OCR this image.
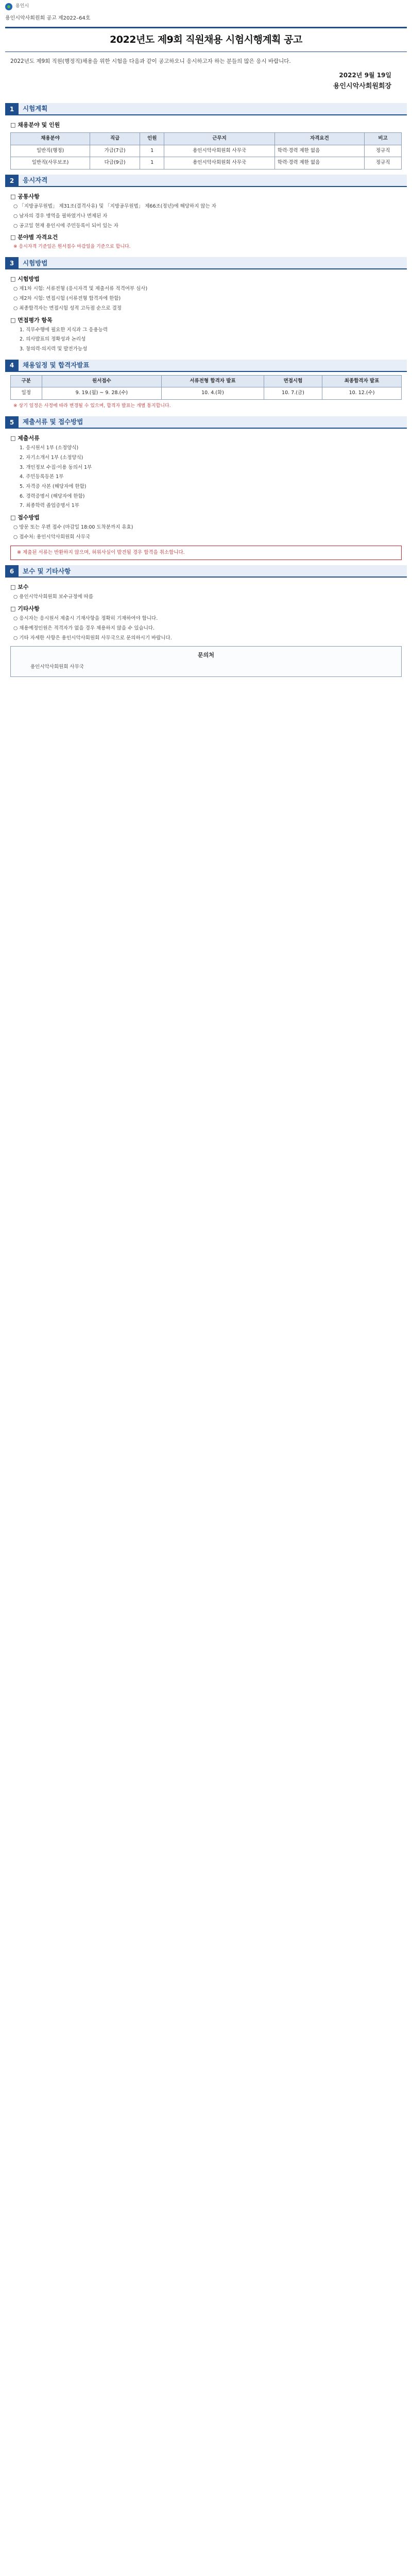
용인시
용인시악사회원회 공고 제2022–64호
2022년도 제9회 직원채용 시험시행계획 공고
2022년도 제9회 직원(행정직)채용을 위한 시험을 다음과 같이 공고하오니 응시하고자 하는 분들의 많은 응시 바랍니다.
2022년 9월 19일
용인시악사회원회장
1	시험계획
□ 채용분야 및 인원
채용분야	직급	인원	근무지	자격요건	비고
일반직(행정)	가급(7급)	1	용인시악사회원회 사무국	학력·경력 제한 없음	정규직
일반직(사무보조)	다급(9급)	1	용인시악사회원회 사무국	학력·경력 제한 없음	정규직
2	응시자격
□ 공통사항
○ 「지방공무원법」 제31조(결격사유) 및 「지방공무원법」 제66조(정년)에 해당하지 않는 자
○ 남자의 경우 병역을 필하였거나 면제된 자
○ 공고일 현재 용인시에 주민등록이 되어 있는 자
□ 분야별 자격요건
※ 응시자격 기준일은 원서접수 마감일을 기준으로 합니다.
3	시험방법
□ 시험방법
○ 제1차 시험: 서류전형 (응시자격 및 제출서류 적격여부 심사)
○ 제2차 시험: 면접시험 (서류전형 합격자에 한함)
○ 최종합격자는 면접시험 성적 고득점 순으로 결정
□ 면접평가 항목
1. 직무수행에 필요한 지식과 그 응용능력
2. 의사발표의 정확성과 논리성
3. 창의력·의지력 및 발전가능성
4	채용일정 및 합격자발표
구분	원서접수	서류전형 합격자 발표	면접시험	최종합격자 발표
일정	9. 19.(월) ~ 9. 28.(수)	10. 4.(화)	10. 7.(금)	10. 12.(수)
※ 상기 일정은 사정에 따라 변경될 수 있으며, 합격자 발표는 개별 통지합니다.
5	제출서류 및 접수방법
□ 제출서류
1. 응시원서 1부 (소정양식)
2. 자기소개서 1부 (소정양식)
3. 개인정보 수집·이용 동의서 1부
4. 주민등록등본 1부
5. 자격증 사본 (해당자에 한함)
6. 경력증명서 (해당자에 한함)
7. 최종학력 졸업증명서 1부
□ 접수방법
○ 방문 또는 우편 접수 (마감일 18:00 도착분까지 유효)
○ 접수처: 용인시악사회원회 사무국
※ 제출된 서류는 반환하지 않으며, 허위사실이 발견될 경우 합격을 취소합니다.
6	보수 및 기타사항
□ 보수
○ 용인시악사회원회 보수규정에 따름
□ 기타사항
○ 응시자는 응시원서 제출시 기재사항을 정확히 기재하여야 합니다.
○ 채용예정인원은 적격자가 없을 경우 채용하지 않을 수 있습니다.
○ 기타 자세한 사항은 용인시악사회원회 사무국으로 문의하시기 바랍니다.
문의처
용인시악사회원회 사무국
